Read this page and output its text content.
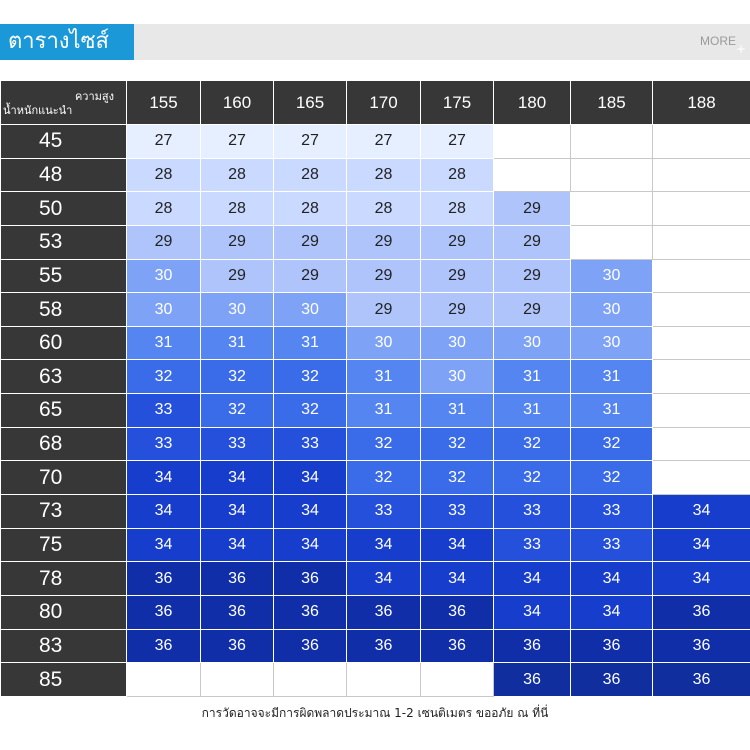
ตารางไซส์	MORE
+
ความสูง
น้ำหนักแนะนำ	155	160	165	170	175	180	185	188
45	27	27	27	27	27			
48	28	28	28	28	28			
50	28	28	28	28	28	29		
53	29	29	29	29	29	29		
55	30	29	29	29	29	29	30	
58	30	30	30	29	29	29	30	
60	31	31	31	30	30	30	30	
63	32	32	32	31	30	31	31	
65	33	32	32	31	31	31	31	
68	33	33	33	32	32	32	32	
70	34	34	34	32	32	32	32	
73	34	34	34	33	33	33	33	34
75	34	34	34	34	34	33	33	34
78	36	36	36	34	34	34	34	34
80	36	36	36	36	36	34	34	36
83	36	36	36	36	36	36	36	36
85						36	36	36
การวัดอาจจะมีการผิดพลาดประมาณ 1-2 เซนติเมตร ขออภัย ณ ที่นี่
